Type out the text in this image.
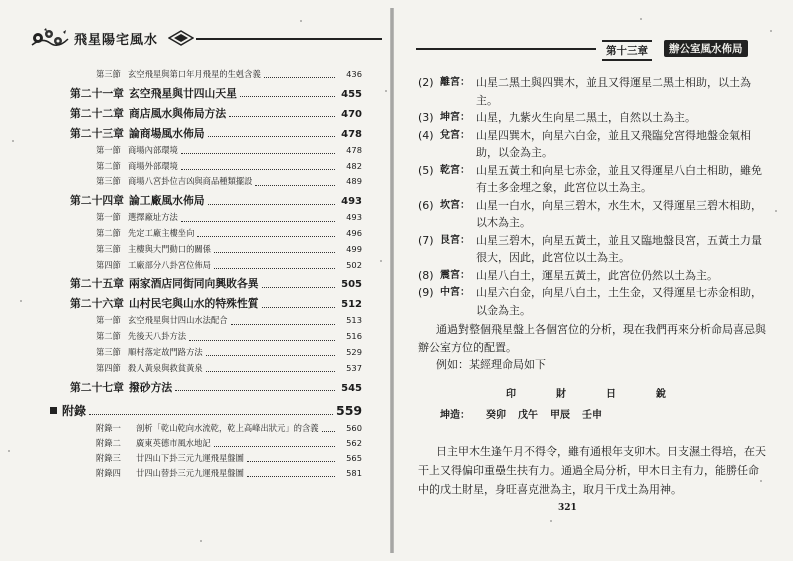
飛星陽宅風水
第三節 玄空飛星與第口年月飛星的生剋含義	436
第二十一章 玄空飛星與廿四山天星	455
第二十二章 商店風水與佈局方法	470
第二十三章 論商場風水佈局	478
第一節 商場內部環境	478
第二節 商場外部環境	482
第三節 商場八宮卦位吉凶與商品種類擺設	489
第二十四章 論工廠風水佈局	493
第一節 選擇廠址方法	493
第二節 先定工廠主樓坐向	496
第三節 主樓與大門動口的關係	499
第四節 工廠部分八卦宮位佈局	502
第二十五章 兩家酒店同街同向興敗各異	505
第二十六章 山村民宅與山水的特殊性質	512
第一節 玄空飛星與廿四山水法配合	513
第二節 先後天八卦方法	516
第三節 順村落定故門路方法	529
第四節 殺人黃泉與救貧黃泉	537
第二十七章 撥砂方法	545
附錄	559
附錄一	剖析「乾山乾向水流乾，乾上高峰出狀元」的含義	560
附錄二	廣東英德市風水地記	562
附錄三	廿四山下卦三元九運飛星盤圖	565
附錄四	廿四山替卦三元九運飛星盤圖	581
第十三章	辦公室風水佈局
(2) 離宮： 山星二黑土與四巽木，並且又得運星二黑土相助，以土為主。
(3) 坤宮： 山星，九紫火生向星二黑土，自然以土為主。
(4) 兌宮： 山星四巽木，向星六白金，並且又飛臨兌宮得地盤金氣相助，以金為主。
(5) 乾宮： 山星五黃土和向星七赤金，並且又得運星八白土相助，雖免有土多金埋之象，此宮位以土為主。
(6) 坎宮： 山星一白水，向星三碧木，水生木，又得運星三碧木相助，以木為主。
(7) 艮宮： 山星三碧木，向星五黃土，並且又臨地盤艮宮，五黃土力量很大，因此，此宮位以土為主。
(8) 震宮： 山星八白土，運星五黃土，此宮位仍然以土為主。
(9) 中宮： 山星六白金，向星八白土，土生金，又得運星七赤金相助，以金為主。

通過對整個飛星盤上各個宮位的分析，現在我們再來分析命局喜忌與辦公室方位的配置。

例如：某經理命局如下

印	財	日	銳
坤造：	癸卯 戊午 甲辰 壬申

日主甲木生逢午月不得令，雖有通根年支卯木。日支濕土得培，在天干上又得偏印重壘生扶有力。通過全局分析，甲木日主有力，能勝任命中的戊土財星，身旺喜克泄為主，取月干戊土為用神。

321
